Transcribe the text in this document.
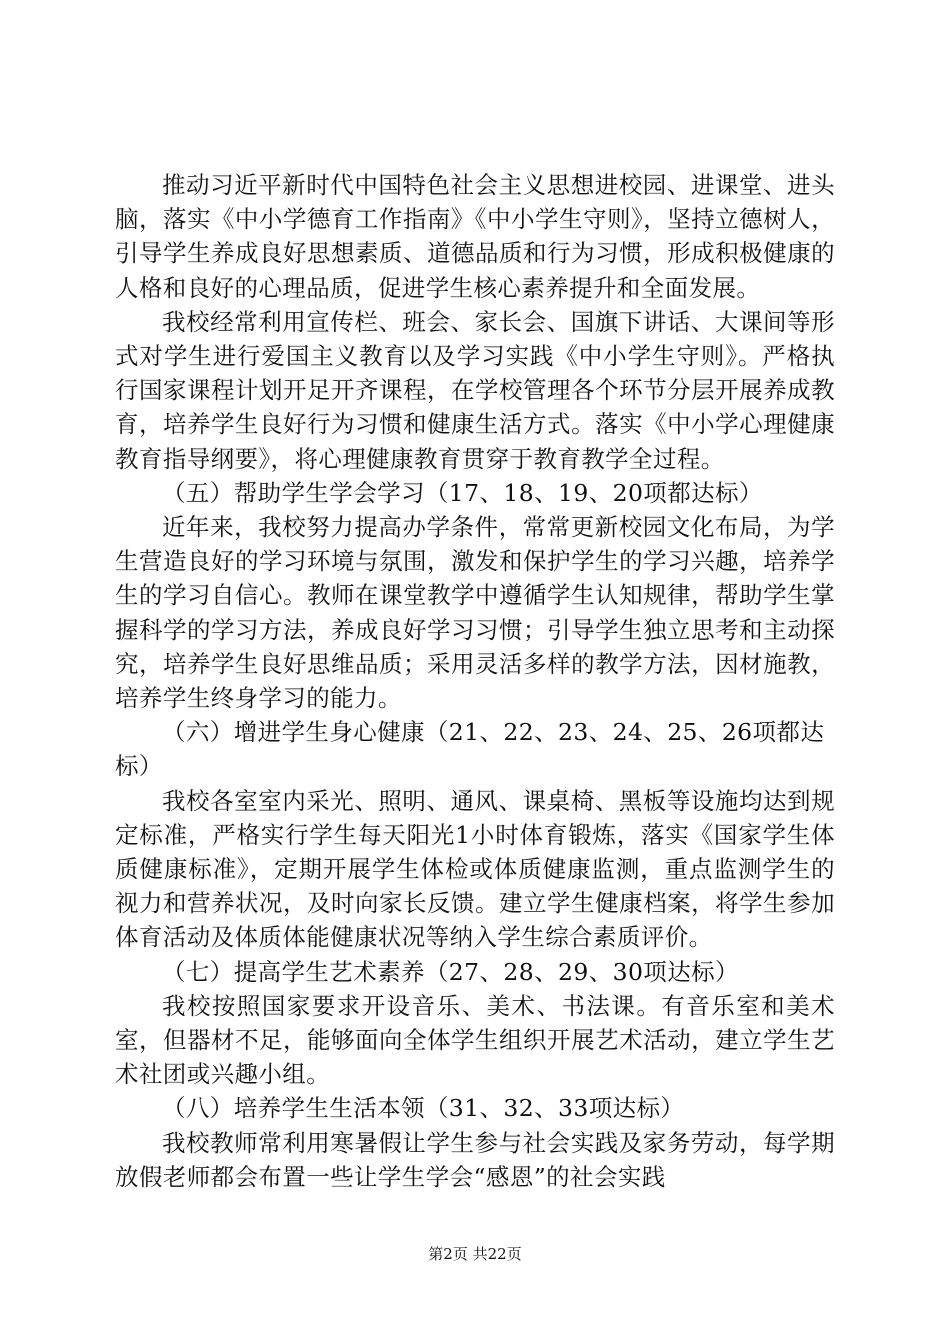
推动习近平新时代中国特色社会主义思想进校园、进课堂、进头脑，落实《中小学德育工作指南》《中小学生守则》，坚持立德树人，引导学生养成良好思想素质、道德品质和行为习惯，形成积极健康的人格和良好的心理品质，促进学生核心素养提升和全面发展。

我校经常利用宣传栏、班会、家长会、国旗下讲话、大课间等形式对学生进行爱国主义教育以及学习实践《中小学生守则》。严格执行国家课程计划开足开齐课程，在学校管理各个环节分层开展养成教育，培养学生良好行为习惯和健康生活方式。落实《中小学心理健康教育指导纲要》，将心理健康教育贯穿于教育教学全过程。

（五）帮助学生学会学习（17、18、19、20项都达标）

近年来，我校努力提高办学条件，常常更新校园文化布局，为学生营造良好的学习环境与氛围，激发和保护学生的学习兴趣，培养学生的学习自信心。教师在课堂教学中遵循学生认知规律，帮助学生掌握科学的学习方法，养成良好学习习惯；引导学生独立思考和主动探究，培养学生良好思维品质；采用灵活多样的教学方法，因材施教，培养学生终身学习的能力。

（六）增进学生身心健康（21、22、23、24、25、26项都达标）

我校各室室内采光、照明、通风、课桌椅、黑板等设施均达到规定标准，严格实行学生每天阳光1小时体育锻炼，落实《国家学生体质健康标准》，定期开展学生体检或体质健康监测，重点监测学生的视力和营养状况，及时向家长反馈。建立学生健康档案，将学生参加体育活动及体质体能健康状况等纳入学生综合素质评价。

（七）提高学生艺术素养（27、28、29、30项达标）

我校按照国家要求开设音乐、美术、书法课。有音乐室和美术室，但器材不足，能够面向全体学生组织开展艺术活动，建立学生艺术社团或兴趣小组。

（八）培养学生生活本领（31、32、33项达标）

我校教师常利用寒暑假让学生参与社会实践及家务劳动，每学期放假老师都会布置一些让学生学会“感恩”的社会实践

第2页 共22页
